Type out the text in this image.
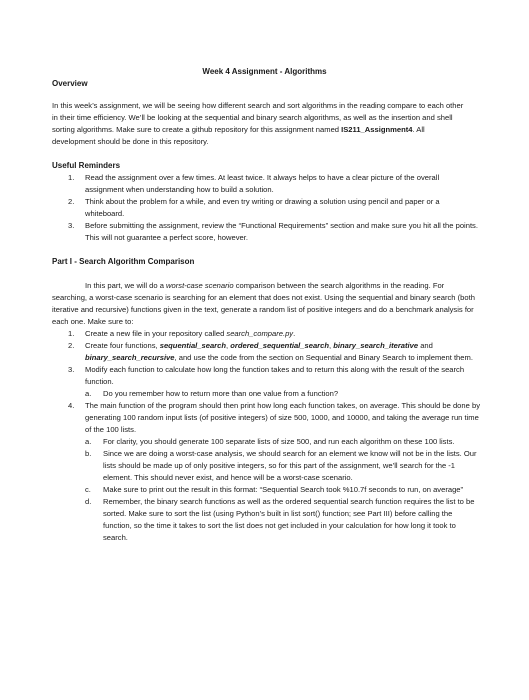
Week 4 Assignment - Algorithms

Overview

In this week’s assignment, we will be seeing how different search and sort algorithms in the reading compare to each other in their time efficiency. We’ll be looking at the sequential and binary search algorithms, as well as the insertion and shell sorting algorithms. Make sure to create a github repository for this assignment named IS211_Assignment4. All development should be done in this repository.

Useful Reminders
1. Read the assignment over a few times. At least twice. It always helps to have a clear picture of the overall assignment when understanding how to build a solution.
2. Think about the problem for a while, and even try writing or drawing a solution using pencil and paper or a whiteboard.
3. Before submitting the assignment, review the “Functional Requirements” section and make sure you hit all the points. This will not guarantee a perfect score, however.
Part I - Search Algorithm Comparison

In this part, we will do a worst-case scenario comparison between the search algorithms in the reading. For searching, a worst-case scenario is searching for an element that does not exist. Using the sequential and binary search (both iterative and recursive) functions given in the text, generate a random list of positive integers and do a benchmark analysis for each one. Make sure to:

1. Create a new file in your repository called search_compare.py.
2. Create four functions, sequential_search, ordered_sequential_search, binary_search_iterative and binary_search_recursive, and use the code from the section on Sequential and Binary Search to implement them.
3. Modify each function to calculate how long the function takes and to return this along with the result of the search function.
a. Do you remember how to return more than one value from a function?
4. The main function of the program should then print how long each function takes, on average. This should be done by generating 100 random input lists (of positive integers) of size 500, 1000, and 10000, and taking the average run time of the 100 lists.
a. For clarity, you should generate 100 separate lists of size 500, and run each algorithm on these 100 lists.
b. Since we are doing a worst-case analysis, we should search for an element we know will not be in the lists. Our lists should be made up of only positive integers, so for this part of the assignment, we’ll search for the -1 element. This should never exist, and hence will be a worst-case scenario.
c. Make sure to print out the result in this format: “Sequential Search took %10.7f seconds to run, on average”
d. Remember, the binary search functions as well as the ordered sequential search function requires the list to be sorted. Make sure to sort the list (using Python’s built in list sort() function; see Part III) before calling the function, so the time it takes to sort the list does not get included in your calculation for how long it took to search.
